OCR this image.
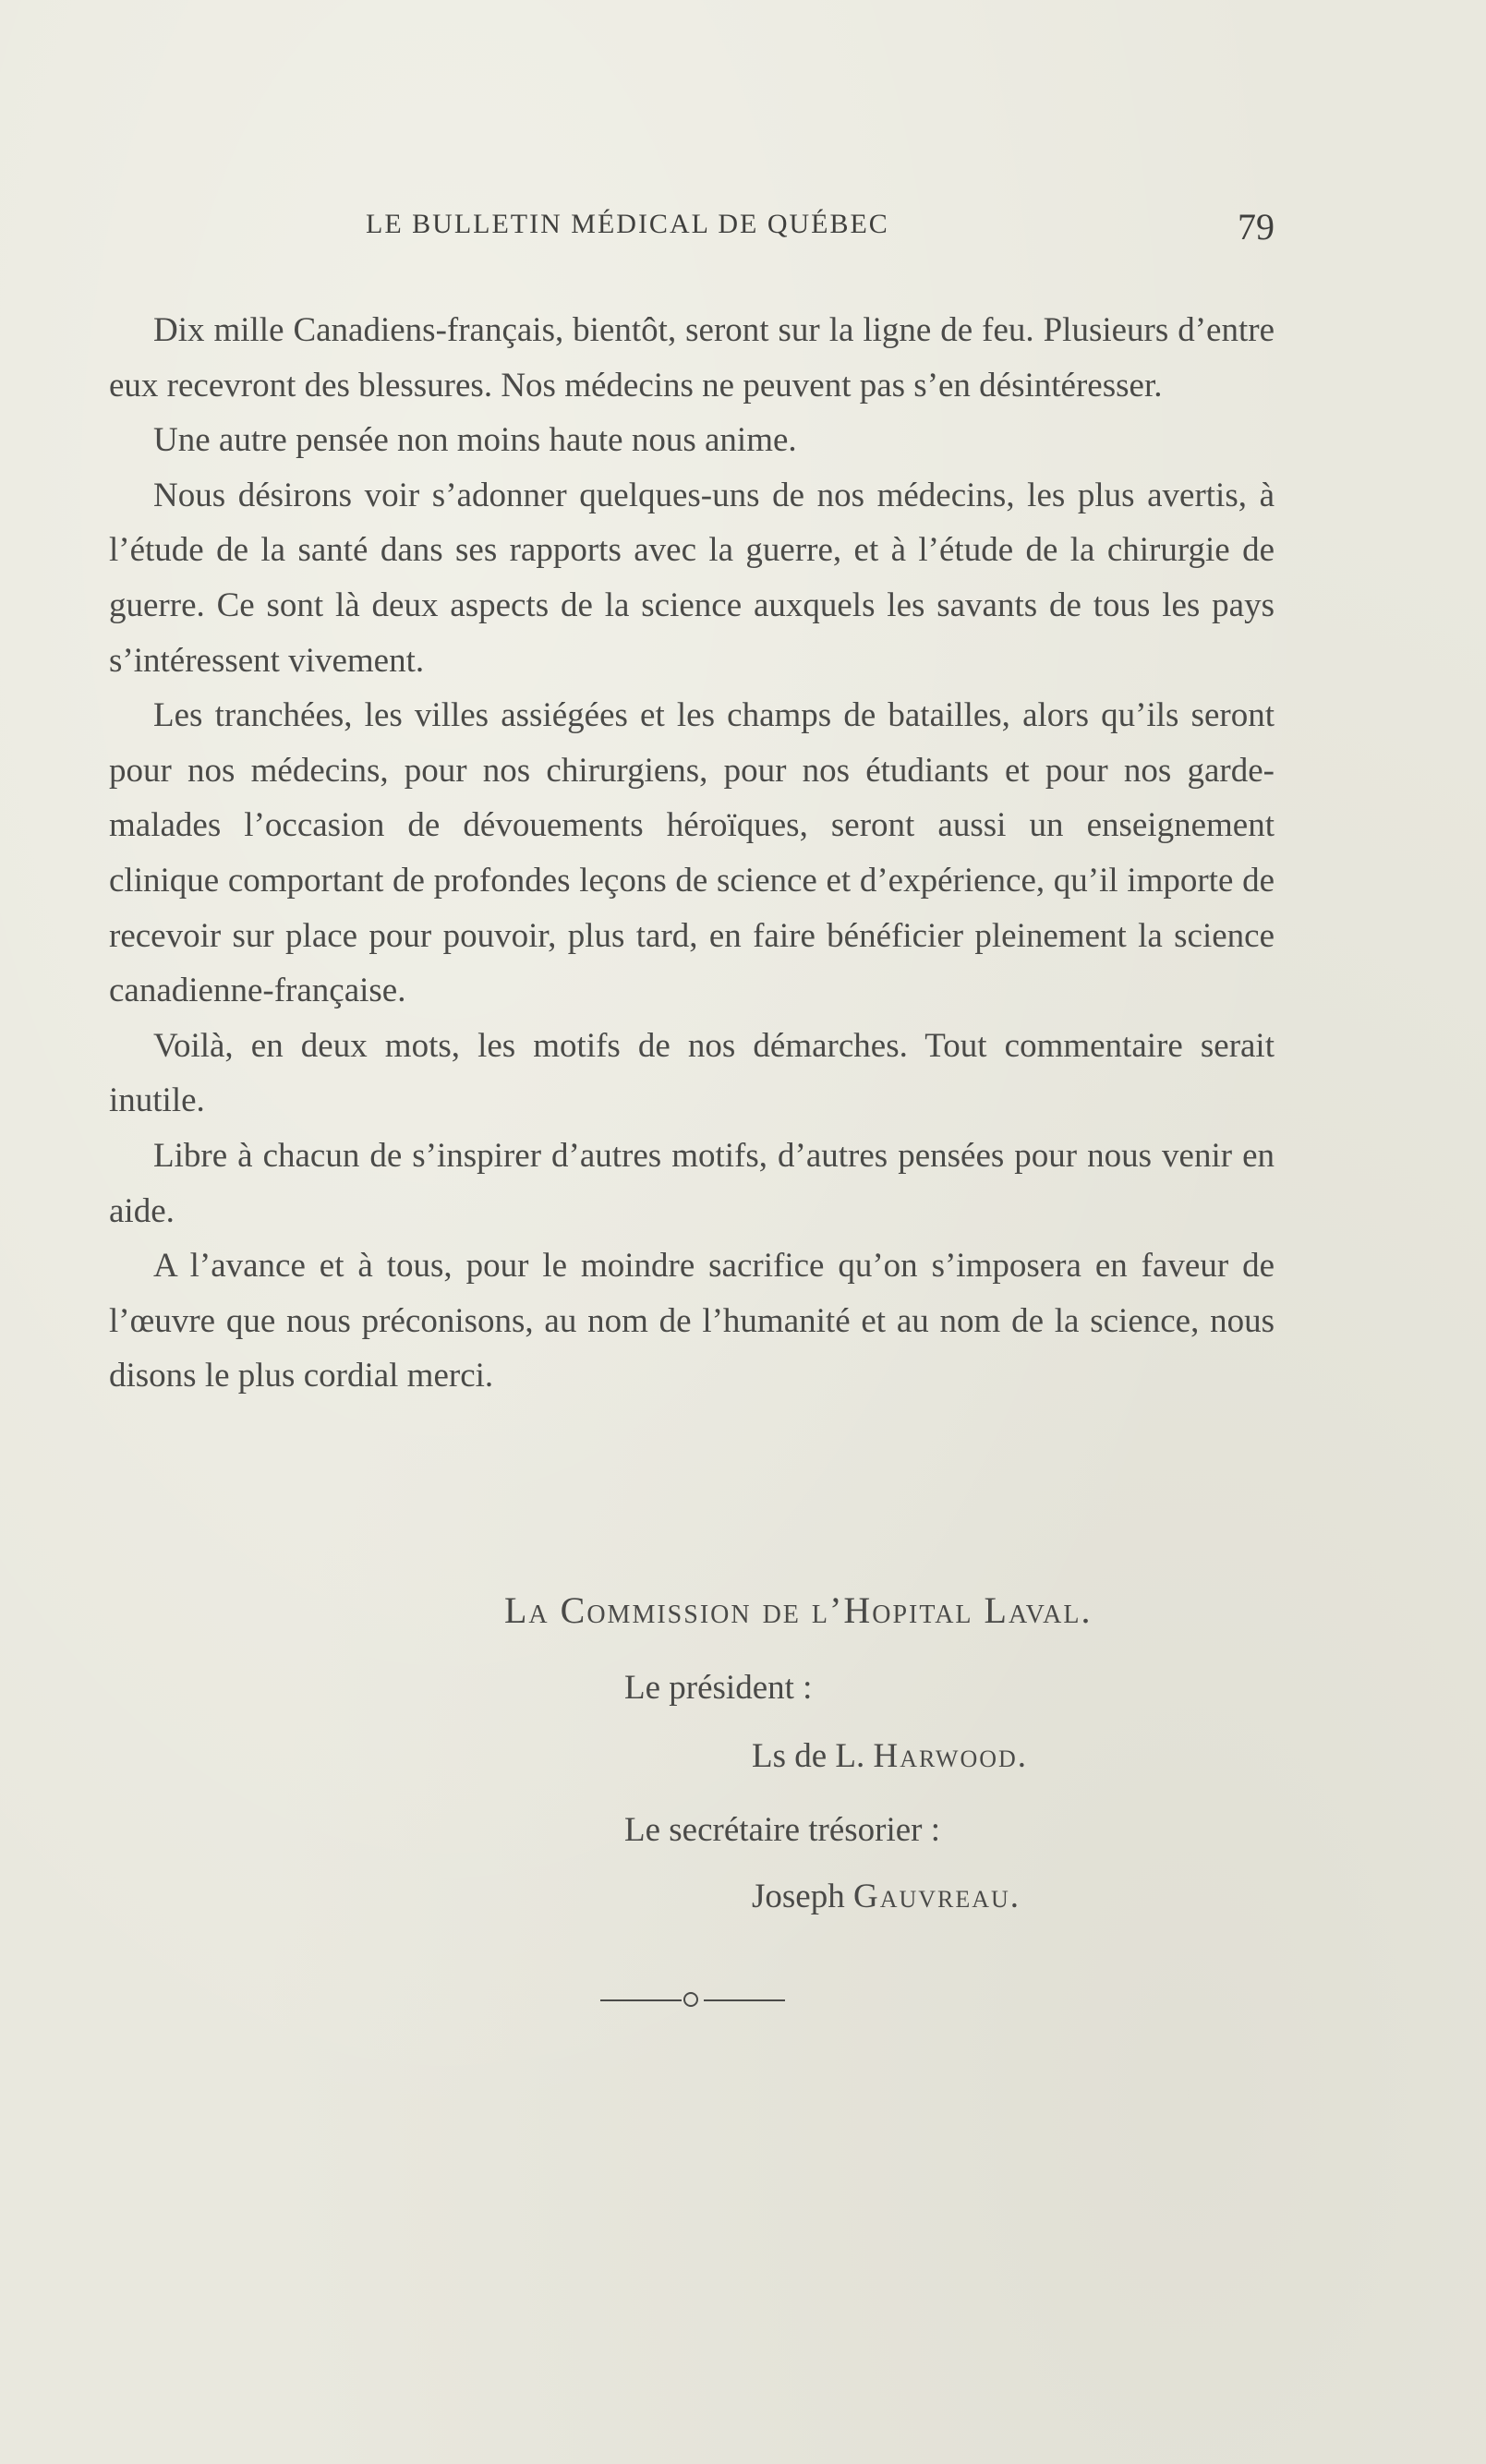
LE BULLETIN MÉDICAL DE QUÉBEC	79

Dix mille Canadiens-français, bientôt, seront sur la ligne de feu. Plusieurs d’entre eux recevront des blessures. Nos médecins ne peuvent pas s’en désintéresser.

Une autre pensée non moins haute nous anime.

Nous désirons voir s’adonner quelques-uns de nos médecins, les plus avertis, à l’étude de la santé dans ses rapports avec la guerre, et à l’étude de la chirurgie de guerre. Ce sont là deux aspects de la science auxquels les savants de tous les pays s’intéressent vivement.

Les tranchées, les villes assiégées et les champs de batailles, alors qu’ils seront pour nos médecins, pour nos chirurgiens, pour nos étudiants et pour nos garde-malades l’occasion de dévouements héroïques, seront aussi un enseignement clinique comportant de profondes leçons de science et d’expérience, qu’il importe de recevoir sur place pour pouvoir, plus tard, en faire bénéficier pleinement la science canadienne-française.

Voilà, en deux mots, les motifs de nos démarches. Tout commentaire serait inutile.

Libre à chacun de s’inspirer d’autres motifs, d’autres pensées pour nous venir en aide.

A l’avance et à tous, pour le moindre sacrifice qu’on s’imposera en faveur de l’œuvre que nous préconisons, au nom de l’humanité et au nom de la science, nous disons le plus cordial merci.

La Commission de l’Hopital Laval.
Le président :
Ls de L. Harwood.
Le secrétaire trésorier :
Joseph Gauvreau.
